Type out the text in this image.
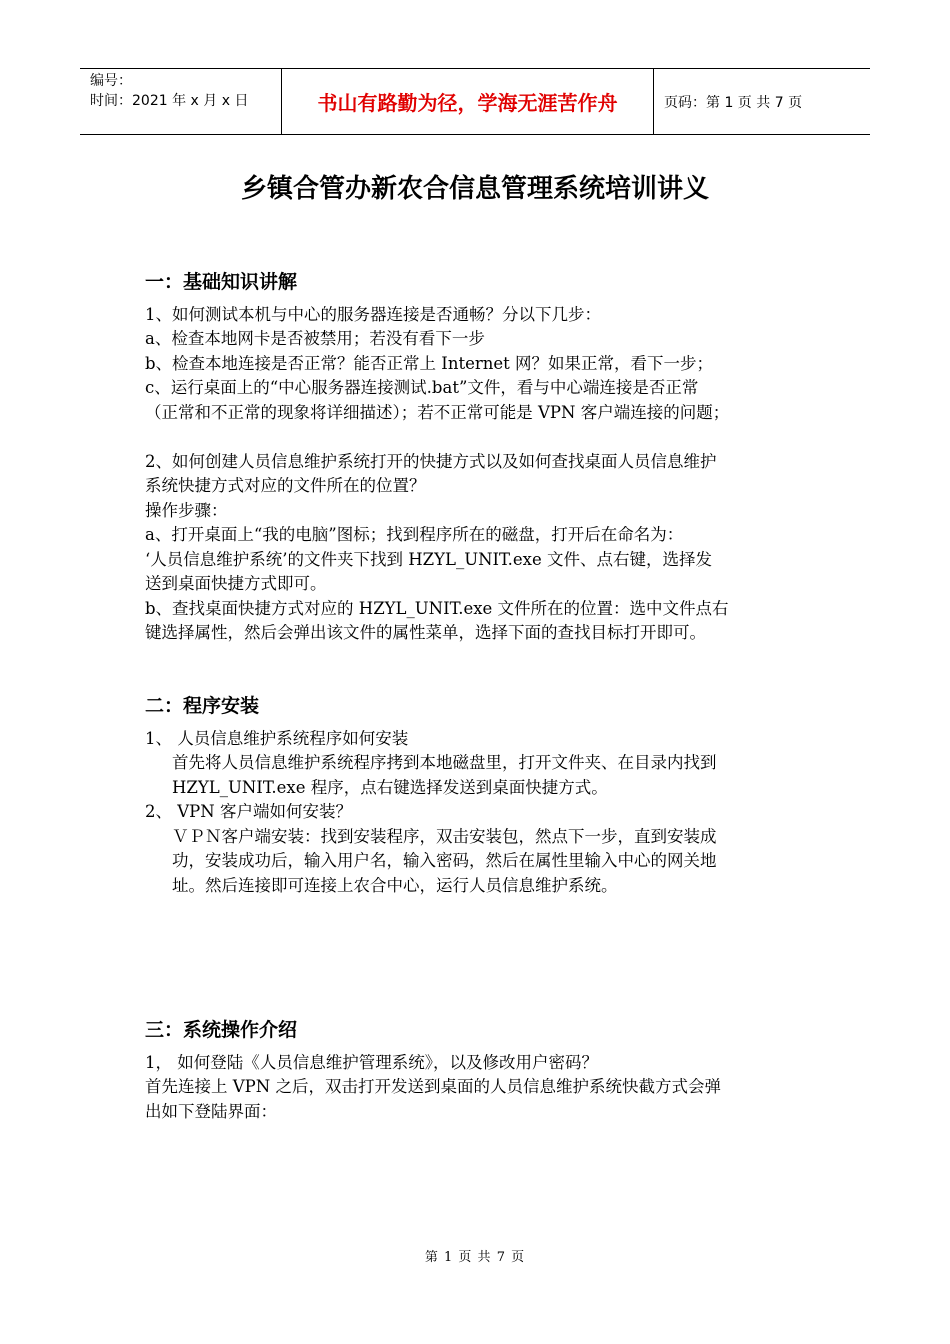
编号：
时间：2021 年 x 月 x 日	书山有路勤为径，学海无涯苦作舟	页码：第 1 页 共 7 页
乡镇合管办新农合信息管理系统培训讲义

一：基础知识讲解

1、如何测试本机与中心的服务器连接是否通畅？分以下几步：

a、检查本地网卡是否被禁用；若没有看下一步

b、检查本地连接是否正常？能否正常上 Internet 网？如果正常，看下一步；

c、运行桌面上的“中心服务器连接测试.bat”文件，看与中心端连接是否正常

（正常和不正常的现象将详细描述）；若不正常可能是 VPN 客户端连接的问题；

2、如何创建人员信息维护系统打开的快捷方式以及如何查找桌面人员信息维护

系统快捷方式对应的文件所在的位置？

操作步骤：

a、打开桌面上“我的电脑”图标；找到程序所在的磁盘，打开后在命名为：

‘人员信息维护系统’的文件夹下找到 HZYL_UNIT.exe 文件、点右键，选择发

送到桌面快捷方式即可。

b、查找桌面快捷方式对应的 HZYL_UNIT.exe 文件所在的位置：选中文件点右

键选择属性，然后会弹出该文件的属性菜单，选择下面的查找目标打开即可。

二：程序安装

1、 人员信息维护系统程序如何安装

首先将人员信息维护系统程序拷到本地磁盘里，打开文件夹、在目录内找到

HZYL_UNIT.exe 程序，点右键选择发送到桌面快捷方式。

2、 VPN 客户端如何安装？

ＶＰＮ客户端安装：找到安装程序，双击安装包，然点下一步，直到安装成

功，安装成功后，输入用户名，输入密码，然后在属性里输入中心的网关地

址。然后连接即可连接上农合中心，运行人员信息维护系统。

三：系统操作介绍

1， 如何登陆《人员信息维护管理系统》，以及修改用户密码？

首先连接上 VPN 之后，双击打开发送到桌面的人员信息维护系统快截方式会弹

出如下登陆界面：

第 1 页 共 7 页
